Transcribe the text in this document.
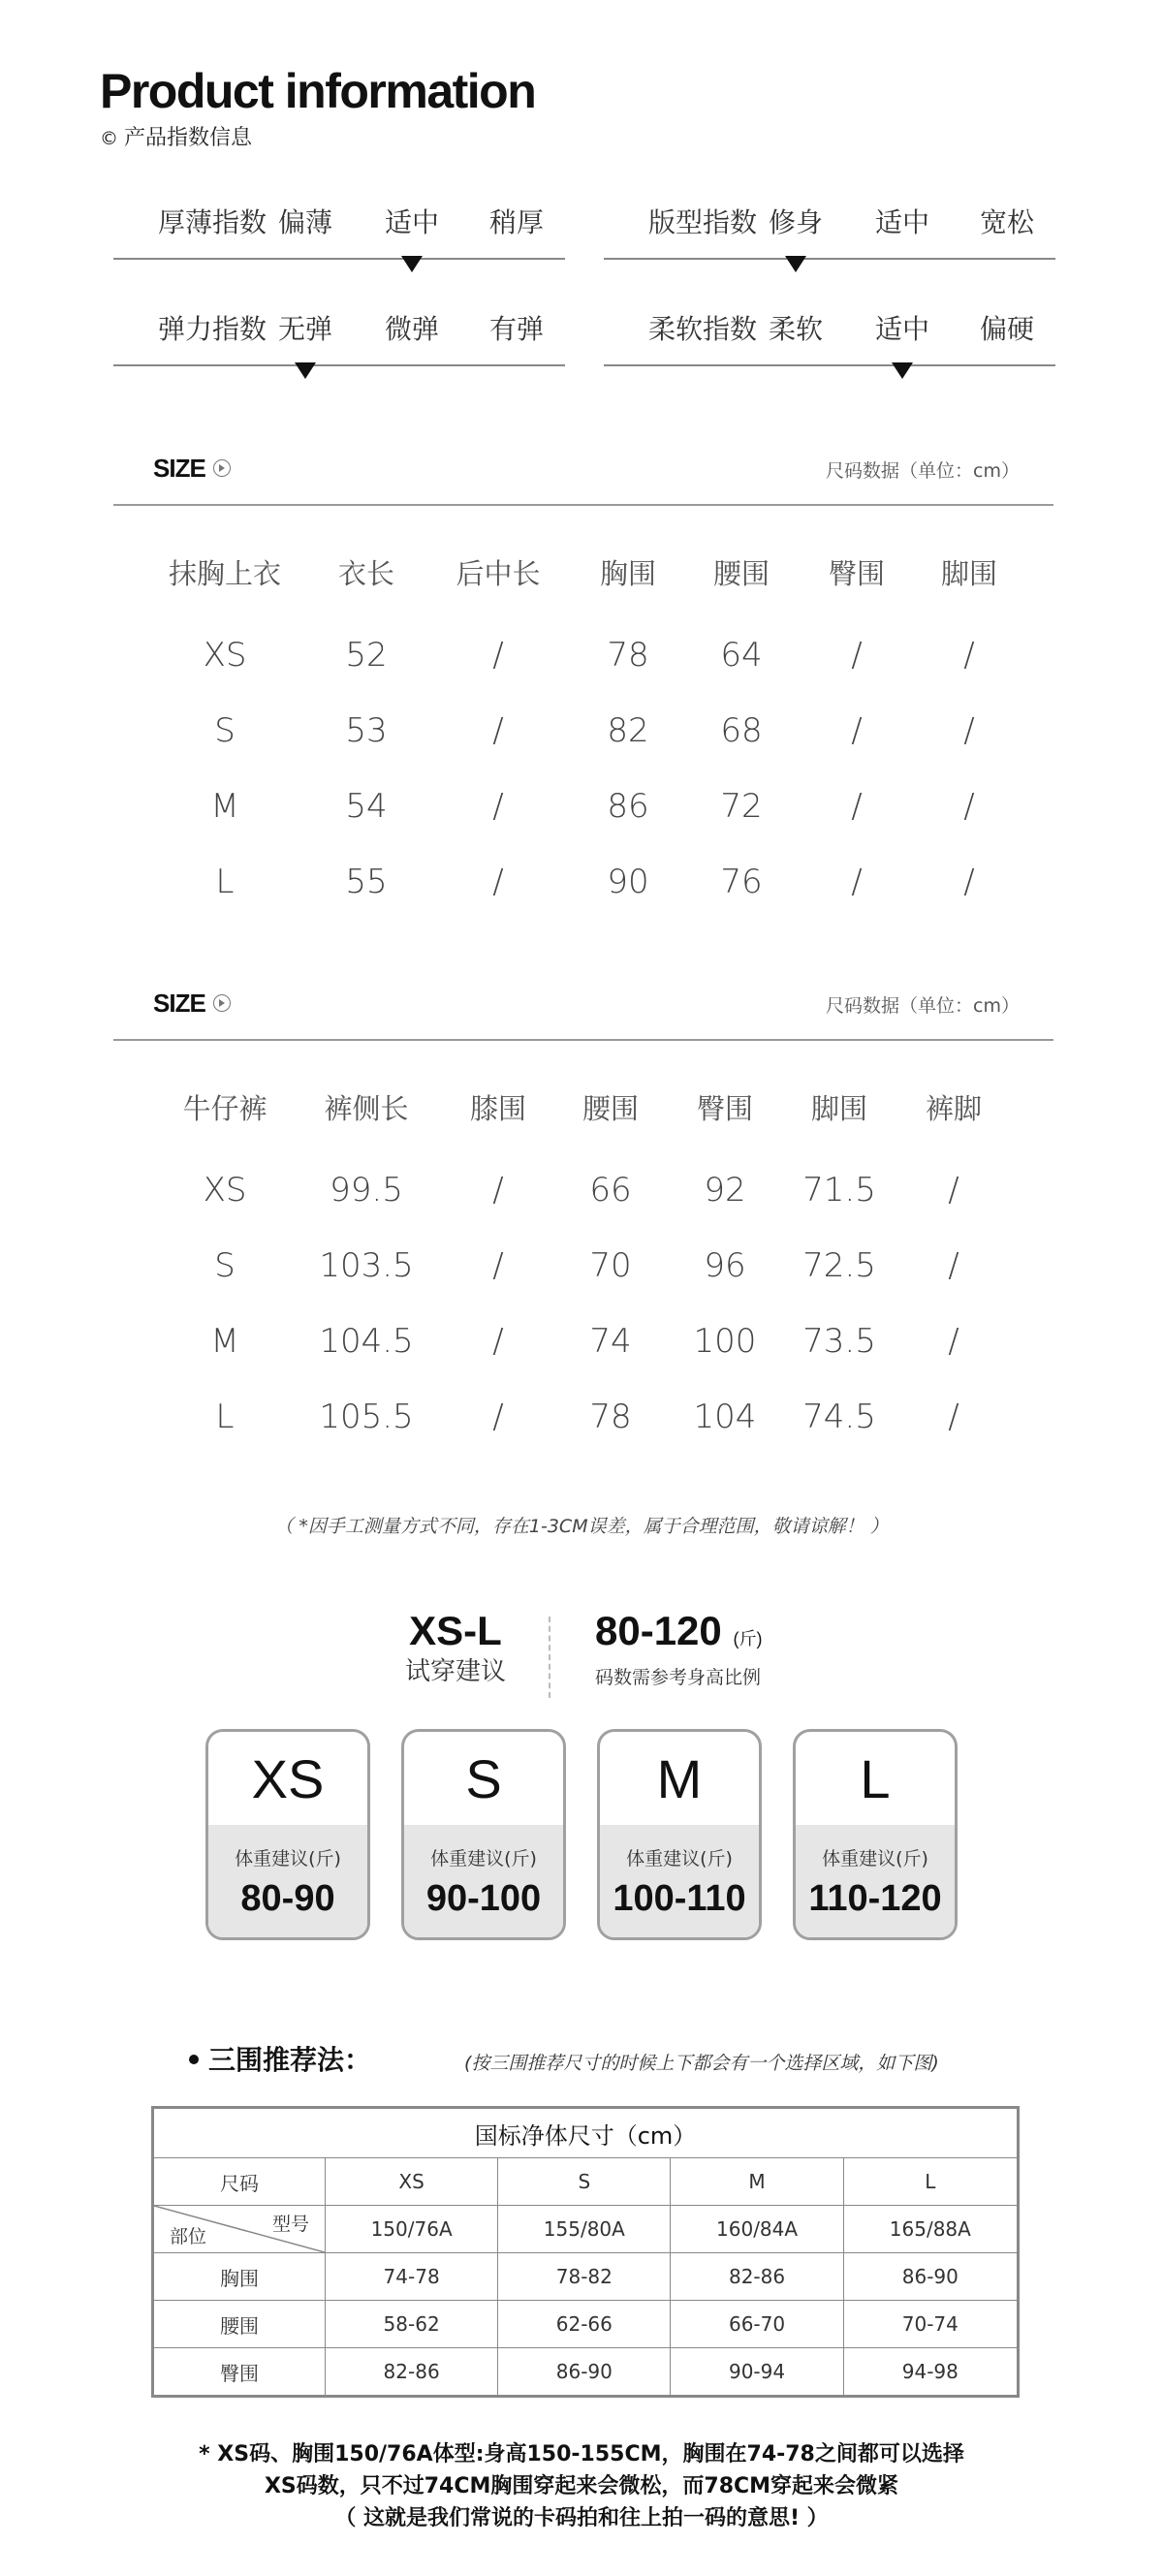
Product information
© 产品指数信息
厚薄指数 偏薄 适中 稍厚	版型指数 修身 适中 宽松
弹力指数 无弹 微弹 有弹	柔软指数 柔软 适中 偏硬
SIZE	尺码数据（单位：cm）
抹胸上衣 衣长 后中长 胸围 腰围 臀围 脚围
XS	52	/	78 64	/	/
S	53	/	82 68	/	/
M	54	/	86 72	/	/
L	55	/	90 76	/	/
SIZE	尺码数据（单位：cm）
牛仔裤 裤侧长 膝围 腰围 臀围 脚围 裤脚
XS	99.5	/	66 92 71.5 /
S	103.5 /	70 96 72.5 /
M 104.5 /	74 100 73.5 /
L	105.5 /	78 104 74.5 /
（ *因手工测量方式不同，存在1-3CM误差，属于合理范围，敬请谅解！ ）
XS-L
试穿建议
80-120 (斤)
码数需参考身高比例
XS
体重建议(斤)
80-90
S
体重建议(斤)
90-100
M
体重建议(斤)
100-110
L
体重建议(斤)
110-120
三围推荐法：	(按三围推荐尺寸的时候上下都会有一个选择区域，如下图)
国标净体尺寸（cm）				
尺码	XS	S	M	L

型号
部位	150/76A	155/80A	160/84A	165/88A
胸围	74-78	78-82	82-86	86-90
腰围	58-62	62-66	66-70	70-74
臀围	82-86	86-90	90-94	94-98
* XS码、胸围150/76A体型:身高150-155CM，胸围在74-78之间都可以选择
XS码数，只不过74CM胸围穿起来会微松，而78CM穿起来会微紧
（ 这就是我们常说的卡码拍和往上拍一码的意思! ）
